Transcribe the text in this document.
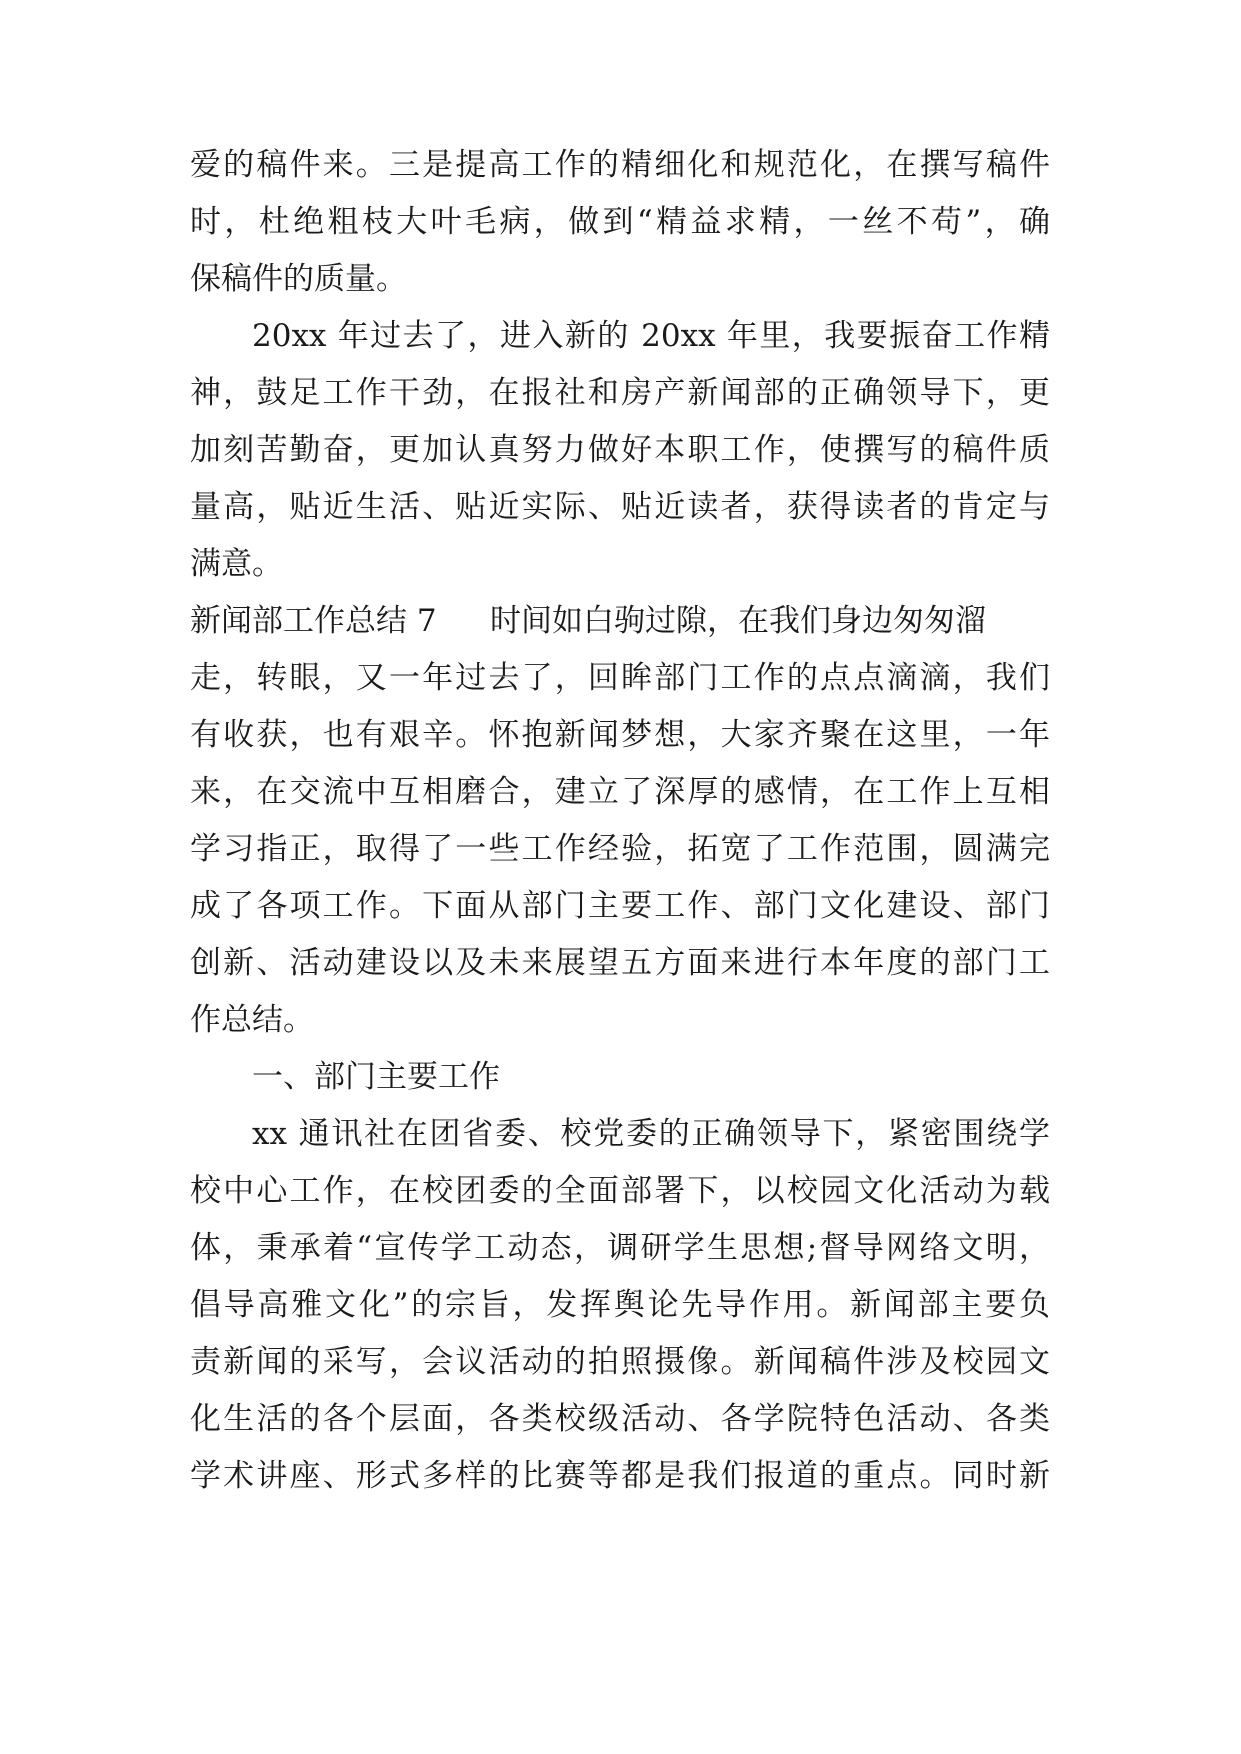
爱的稿件来。三是提高工作的精细化和规范化，在撰写稿件
时，杜绝粗枝大叶毛病，做到“精益求精，一丝不苟”，确
保稿件的质量。
20xx 年过去了，进入新的 20xx 年里，我要振奋工作精
神，鼓足工作干劲，在报社和房产新闻部的正确领导下，更
加刻苦勤奋，更加认真努力做好本职工作，使撰写的稿件质
量高，贴近生活、贴近实际、贴近读者，获得读者的肯定与
满意。
新闻部工作总结 7 时间如白驹过隙，在我们身边匆匆溜
走，转眼，又一年过去了，回眸部门工作的点点滴滴，我们
有收获，也有艰辛。怀抱新闻梦想，大家齐聚在这里，一年
来，在交流中互相磨合，建立了深厚的感情，在工作上互相
学习指正，取得了一些工作经验，拓宽了工作范围，圆满完
成了各项工作。下面从部门主要工作、部门文化建设、部门
创新、活动建设以及未来展望五方面来进行本年度的部门工
作总结。
一、部门主要工作
xx 通讯社在团省委、校党委的正确领导下，紧密围绕学
校中心工作，在校团委的全面部署下，以校园文化活动为载
体，秉承着“宣传学工动态，调研学生思想;督导网络文明，
倡导高雅文化”的宗旨，发挥舆论先导作用。新闻部主要负
责新闻的采写，会议活动的拍照摄像。新闻稿件涉及校园文
化生活的各个层面，各类校级活动、各学院特色活动、各类
学术讲座、形式多样的比赛等都是我们报道的重点。同时新
